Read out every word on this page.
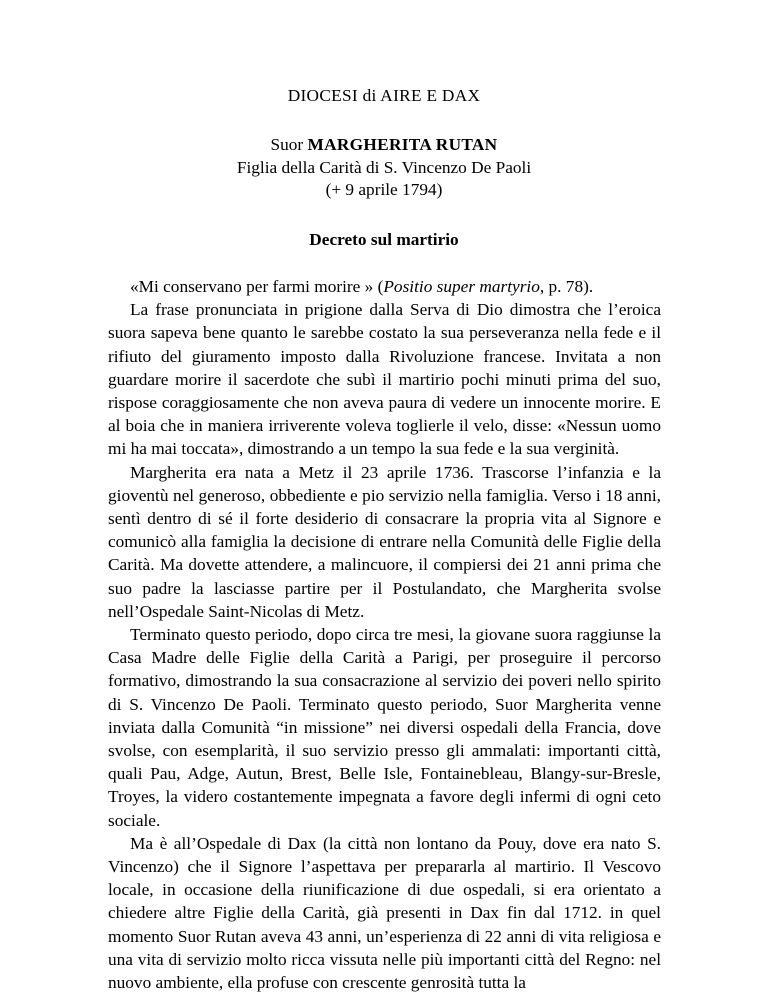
DIOCESI di AIRE E DAX
Suor MARGHERITA RUTAN
Figlia della Carità di S. Vincenzo De Paoli
(+ 9 aprile 1794)
Decreto sul martirio

«Mi conservano per farmi morire » (Positio super martyrio, p. 78).

La frase pronunciata in prigione dalla Serva di Dio dimostra che l’eroica suora sapeva bene quanto le sarebbe costato la sua perseveranza nella fede e il rifiuto del giuramento imposto dalla Rivoluzione francese. Invitata a non guardare morire il sacerdote che subì il martirio pochi minuti prima del suo, rispose coraggiosamente che non aveva paura di vedere un innocente morire. E al boia che in maniera irriverente voleva toglierle il velo, disse: «Nessun uomo mi ha mai toccata», dimostrando a un tempo la sua fede e la sua verginità.

Margherita era nata a Metz il 23 aprile 1736. Trascorse l’infanzia e la gioventù nel generoso, obbediente e pio servizio nella famiglia. Verso i 18 anni, sentì dentro di sé il forte desiderio di consacrare la propria vita al Signore e comunicò alla famiglia la decisione di entrare nella Comunità delle Figlie della Carità. Ma dovette attendere, a malincuore, il compiersi dei 21 anni prima che suo padre la lasciasse partire per il Postulandato, che Margherita svolse nell’Ospedale Saint-Nicolas di Metz.

Terminato questo periodo, dopo circa tre mesi, la giovane suora raggiunse la Casa Madre delle Figlie della Carità a Parigi, per proseguire il percorso formativo, dimostrando la sua consacrazione al servizio dei poveri nello spirito di S. Vincenzo De Paoli. Terminato questo periodo, Suor Margherita venne inviata dalla Comunità “in missione” nei diversi ospedali della Francia, dove svolse, con esemplarità, il suo servizio presso gli ammalati: importanti città, quali Pau, Adge, Autun, Brest, Belle Isle, Fontainebleau, Blangy-sur-Bresle, Troyes, la videro costantemente impegnata a favore degli infermi di ogni ceto sociale.

Ma è all’Ospedale di Dax (la città non lontano da Pouy, dove era nato S. Vincenzo) che il Signore l’aspettava per prepararla al martirio. Il Vescovo locale, in occasione della riunificazione di due ospedali, si era orientato a chiedere altre Figlie della Carità, già presenti in Dax fin dal 1712. in quel momento Suor Rutan aveva 43 anni, un’esperienza di 22 anni di vita religiosa e una vita di servizio molto ricca vissuta nelle più importanti città del Regno: nel nuovo ambiente, ella profuse con crescente genrosità tutta la
